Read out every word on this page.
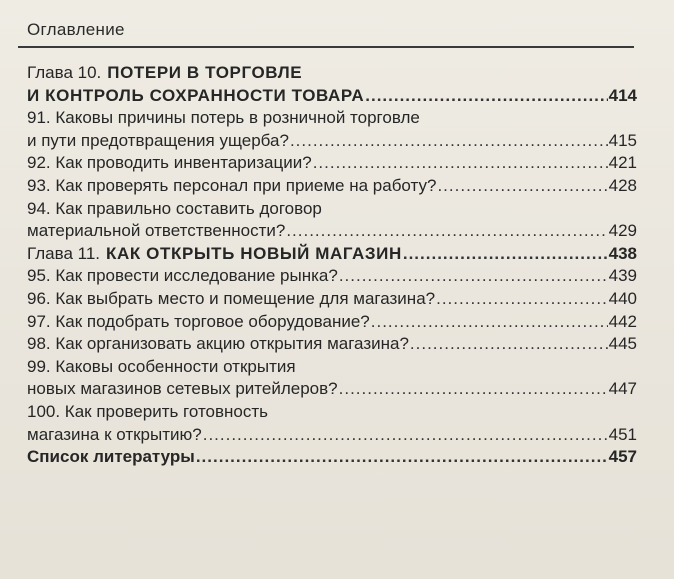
Оглавление
Глава 10. ПОТЕРИ В ТОРГОВЛЕ
И КОНТРОЛЬ СОХРАННОСТИ ТОВАРА .....	414
91. Каковы причины потерь в розничной торговле
и пути предотвращения ущерба? .....	415
92. Как проводить инвентаризации? .....	421
93. Как проверять персонал при приеме на работу? .....	428
94. Как правильно составить договор
материальной ответственности? .....	429
Глава 11. КАК ОТКРЫТЬ НОВЫЙ МАГАЗИН .....	438
95. Как провести исследование рынка? .....	439
96. Как выбрать место и помещение для магазина? .....	440
97. Как подобрать торговое оборудование? .....	442
98. Как организовать акцию открытия магазина? .....	445
99. Каковы особенности открытия
новых магазинов сетевых ритейлеров? .....	447
100. Как проверить готовность
магазина к открытию? .....	451
Список литературы .....	457
